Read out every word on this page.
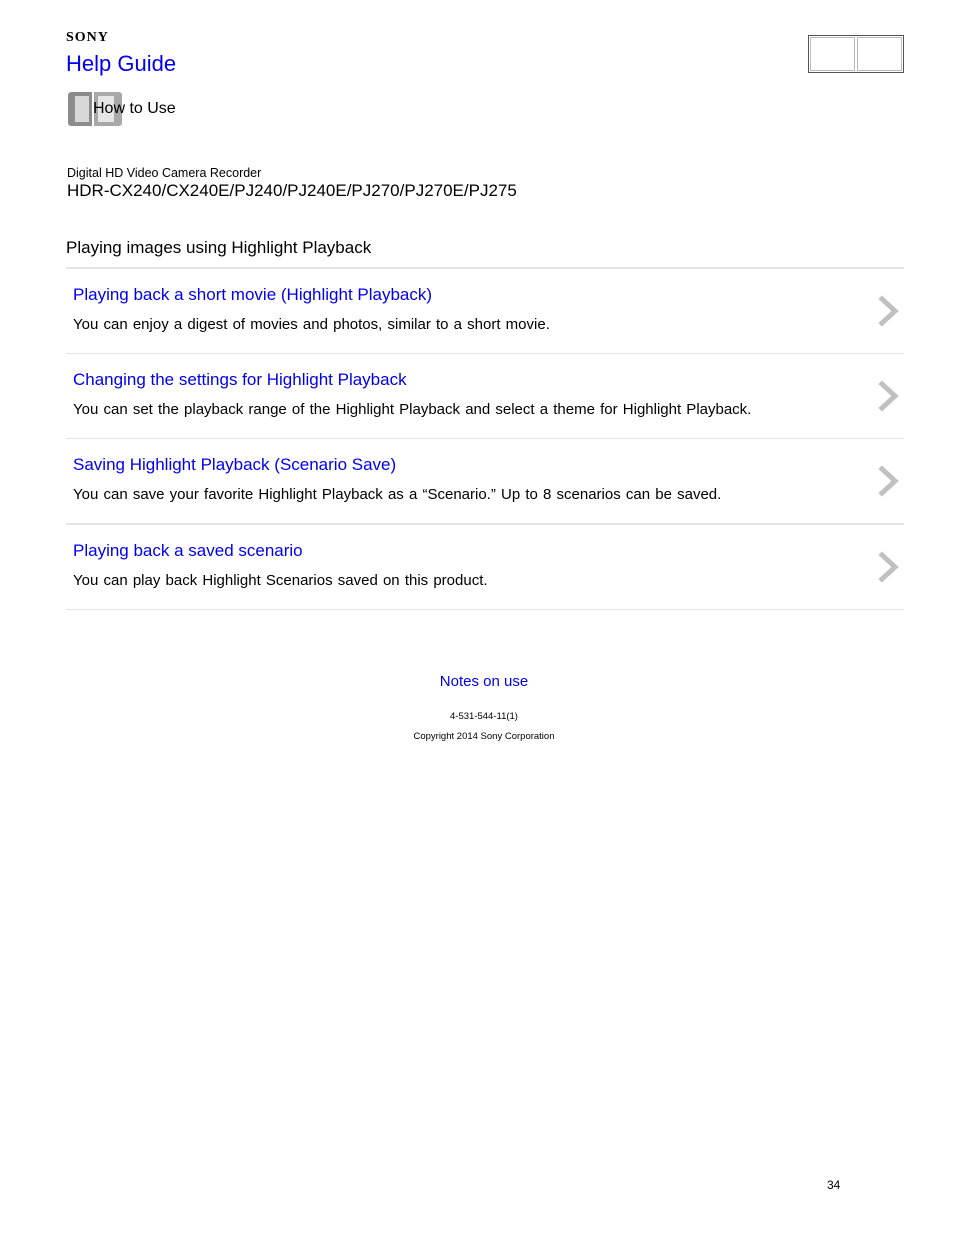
SONY
Help Guide
How to Use
Digital HD Video Camera Recorder
HDR-CX240/CX240E/PJ240/PJ240E/PJ270/PJ270E/PJ275
Playing images using Highlight Playback
Playing back a short movie (Highlight Playback)
You can enjoy a digest of movies and photos, similar to a short movie.
Changing the settings for Highlight Playback
You can set the playback range of the Highlight Playback and select a theme for Highlight Playback.
Saving Highlight Playback (Scenario Save)
You can save your favorite Highlight Playback as a “Scenario.” Up to 8 scenarios can be saved.
Playing back a saved scenario
You can play back Highlight Scenarios saved on this product.
Notes on use
4-531-544-11(1)
Copyright 2014 Sony Corporation
34
